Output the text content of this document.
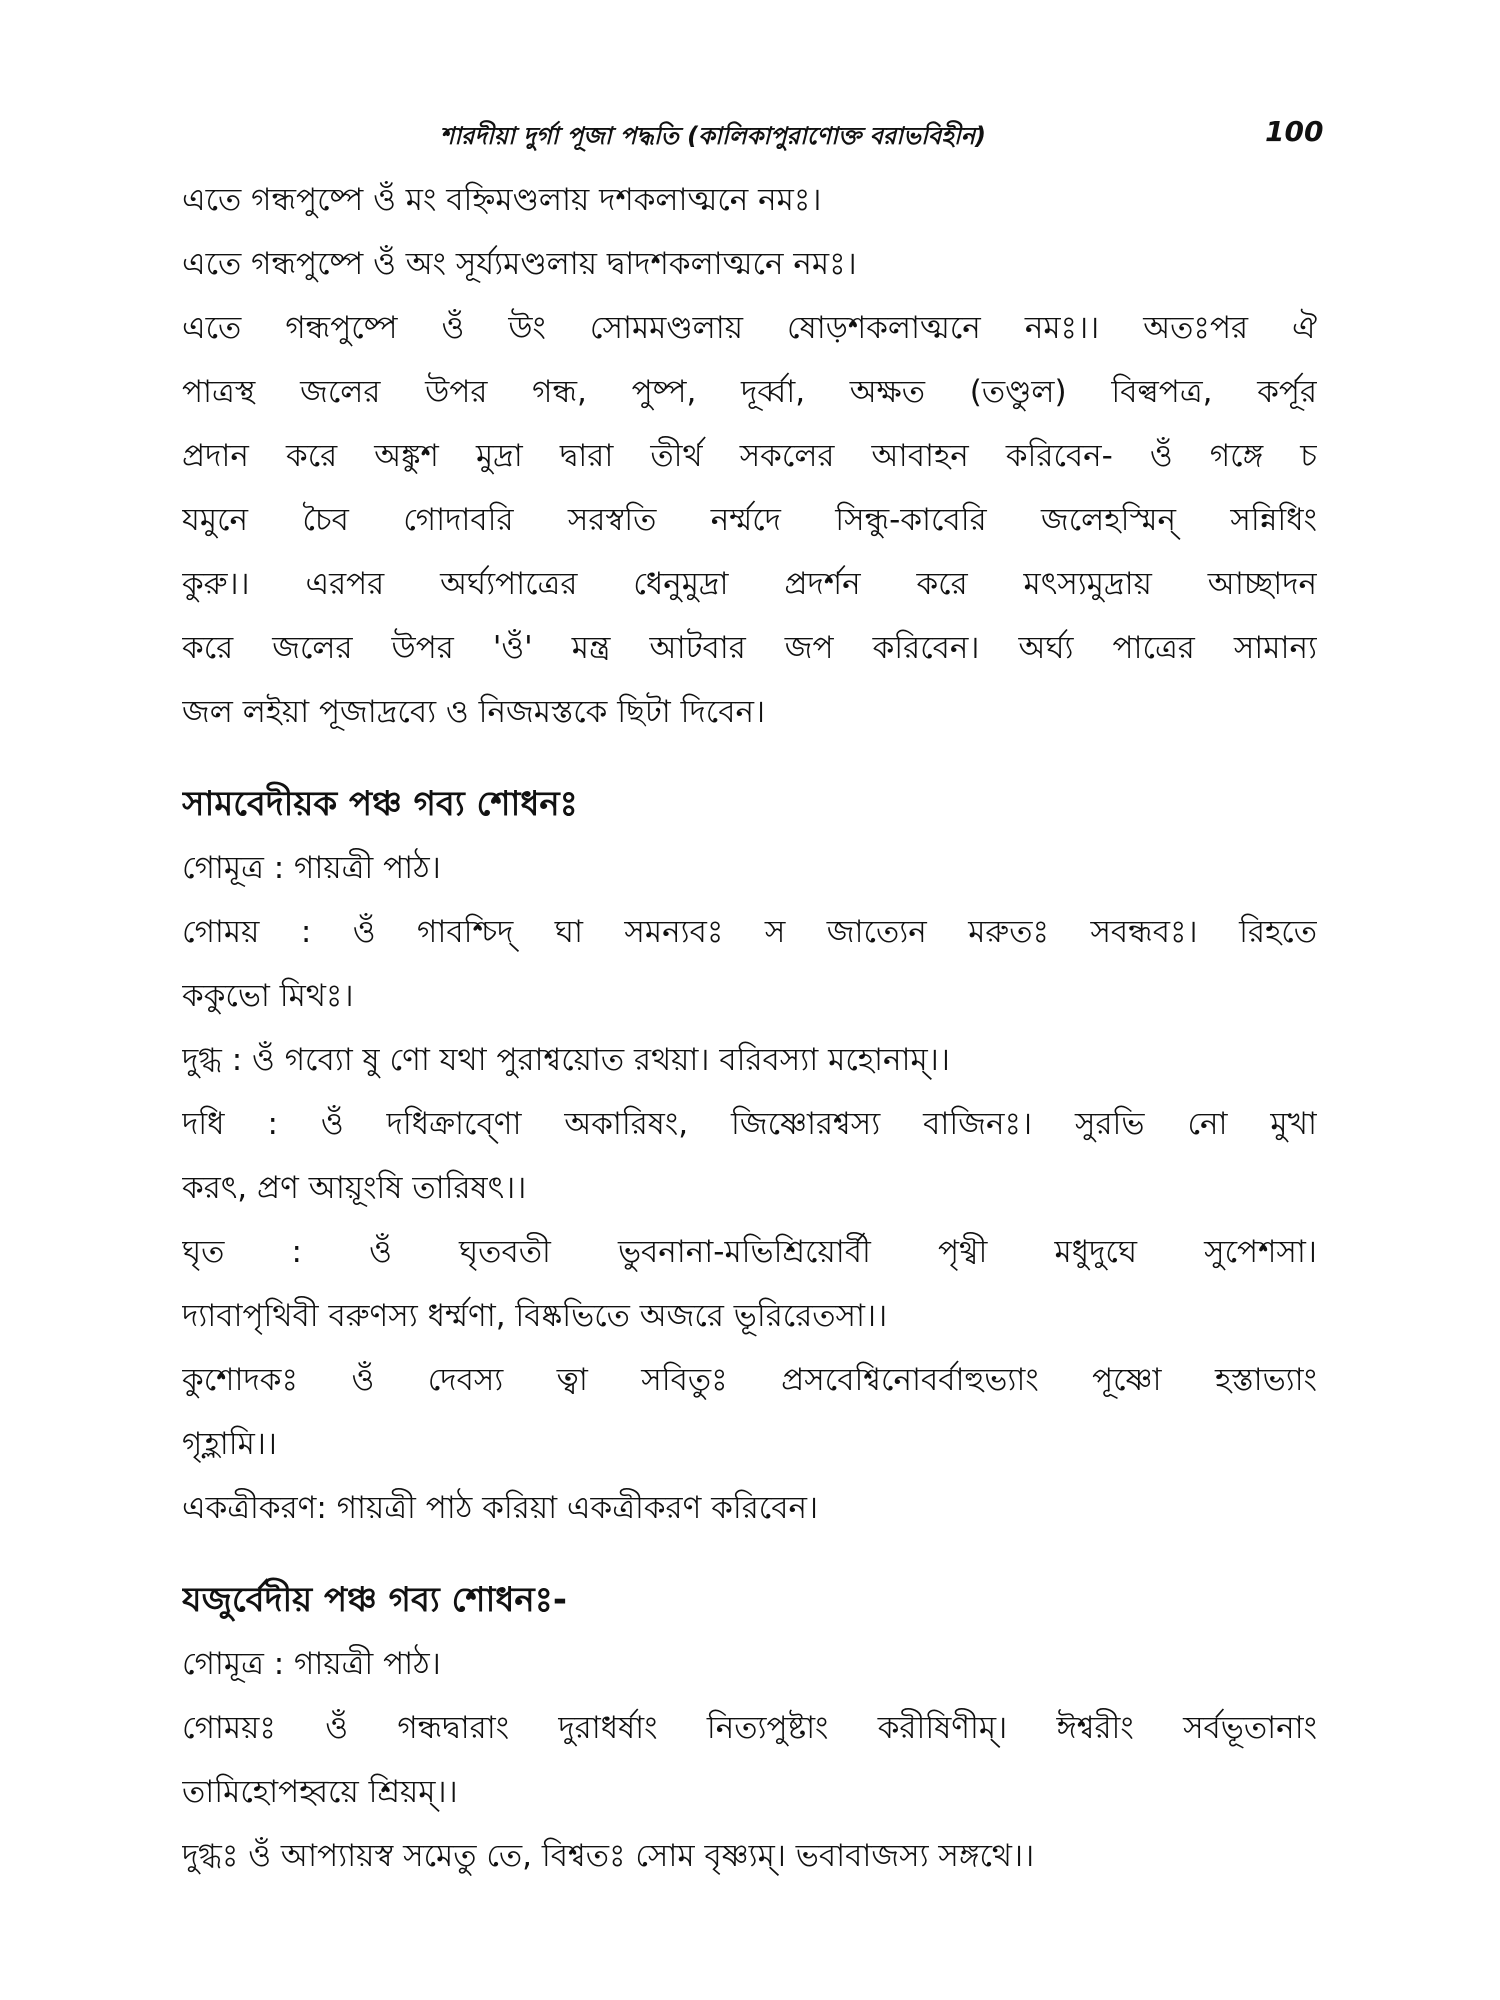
শারদীয়া দুর্গা পূজা পদ্ধতি (কালিকাপুরাণোক্ত বরাভবিহীন)	100
এতে গন্ধপুষ্পে ওঁ মং বহ্নিমণ্ডলায় দশকলাত্মনে নমঃ।
এতে গন্ধপুষ্পে ওঁ অং সূর্য্যমণ্ডলায় দ্বাদশকলাত্মনে নমঃ।
এতে গন্ধপুষ্পে ওঁ উং সোমমণ্ডলায় ষোড়শকলাত্মনে নমঃ।। অতঃপর ঐ
পাত্রস্থ জলের উপর গন্ধ, পুষ্প, দূর্ব্বা, অক্ষত (তণ্ডুল) বিল্বপত্র, কর্পূর
প্রদান করে অঙ্কুশ মুদ্রা দ্বারা তীর্থ সকলের আবাহন করিবেন- ওঁ গঙ্গে চ
যমুনে চৈব গোদাবরি সরস্বতি নর্ম্মদে সিন্ধু-কাবেরি জলেহস্মিন্ সন্নিধিং
কুরু।। এরপর অর্ঘ্যপাত্রের ধেনুমুদ্রা প্রদর্শন করে মৎস্যমুদ্রায় আচ্ছাদন
করে জলের উপর 'ওঁ' মন্ত্র আটবার জপ করিবেন। অর্ঘ্য পাত্রের সামান্য
জল লইয়া পূজাদ্রব্যে ও নিজমস্তকে ছিটা দিবেন।
সামবেদীয়ক পঞ্চ গব্য শোধনঃ
গোমূত্র : গায়ত্রী পাঠ।
গোময় : ওঁ গাবশ্চিদ্ ঘা সমন্যবঃ স জাত্যেন মরুতঃ সবন্ধবঃ। রিহতে
ককুভো মিথঃ।
দুগ্ধ : ওঁ গব্যো ষু ণো যথা পুরাশ্বয়োত রথয়া। বরিবস্যা মহোনাম্।।
দধি : ওঁ দধিক্রাব্ণো অকারিষং, জিষ্ণোরশ্বস্য বাজিনঃ। সুরভি নো মুখা
করৎ, প্রণ আয়ূংষি তারিষৎ।।
ঘৃত : ওঁ ঘৃতবতী ভুবনানা-মভিশ্রিয়োর্বী পৃথ্বী মধুদুঘে সুপেশসা।
দ্যাবাপৃথিবী বরুণস্য ধর্ম্মণা, বিষ্কভিতে অজরে ভূরিরেতসা।।
কুশোদকঃ ওঁ দেবস্য ত্বা সবিতুঃ প্রসবেশ্বিনোবর্বাহুভ্যাং পূষ্ণো হস্তাভ্যাং
গৃহ্লামি।।
একত্রীকরণ: গায়ত্রী পাঠ করিয়া একত্রীকরণ করিবেন।
যজুর্বেদীয় পঞ্চ গব্য শোধনঃ-
গোমূত্র : গায়ত্রী পাঠ।
গোময়ঃ ওঁ গন্ধদ্বারাং দুরাধর্ষাং নিত্যপুষ্টাং করীষিণীম্। ঈশ্বরীং সর্বভূতানাং
তামিহোপহ্বয়ে শ্রিয়ম্।।
দুগ্ধঃ ওঁ আপ্যায়স্ব সমেতু তে, বিশ্বতঃ সোম বৃষ্ণ্যম্। ভবাবাজস্য সঙ্গথে।।
